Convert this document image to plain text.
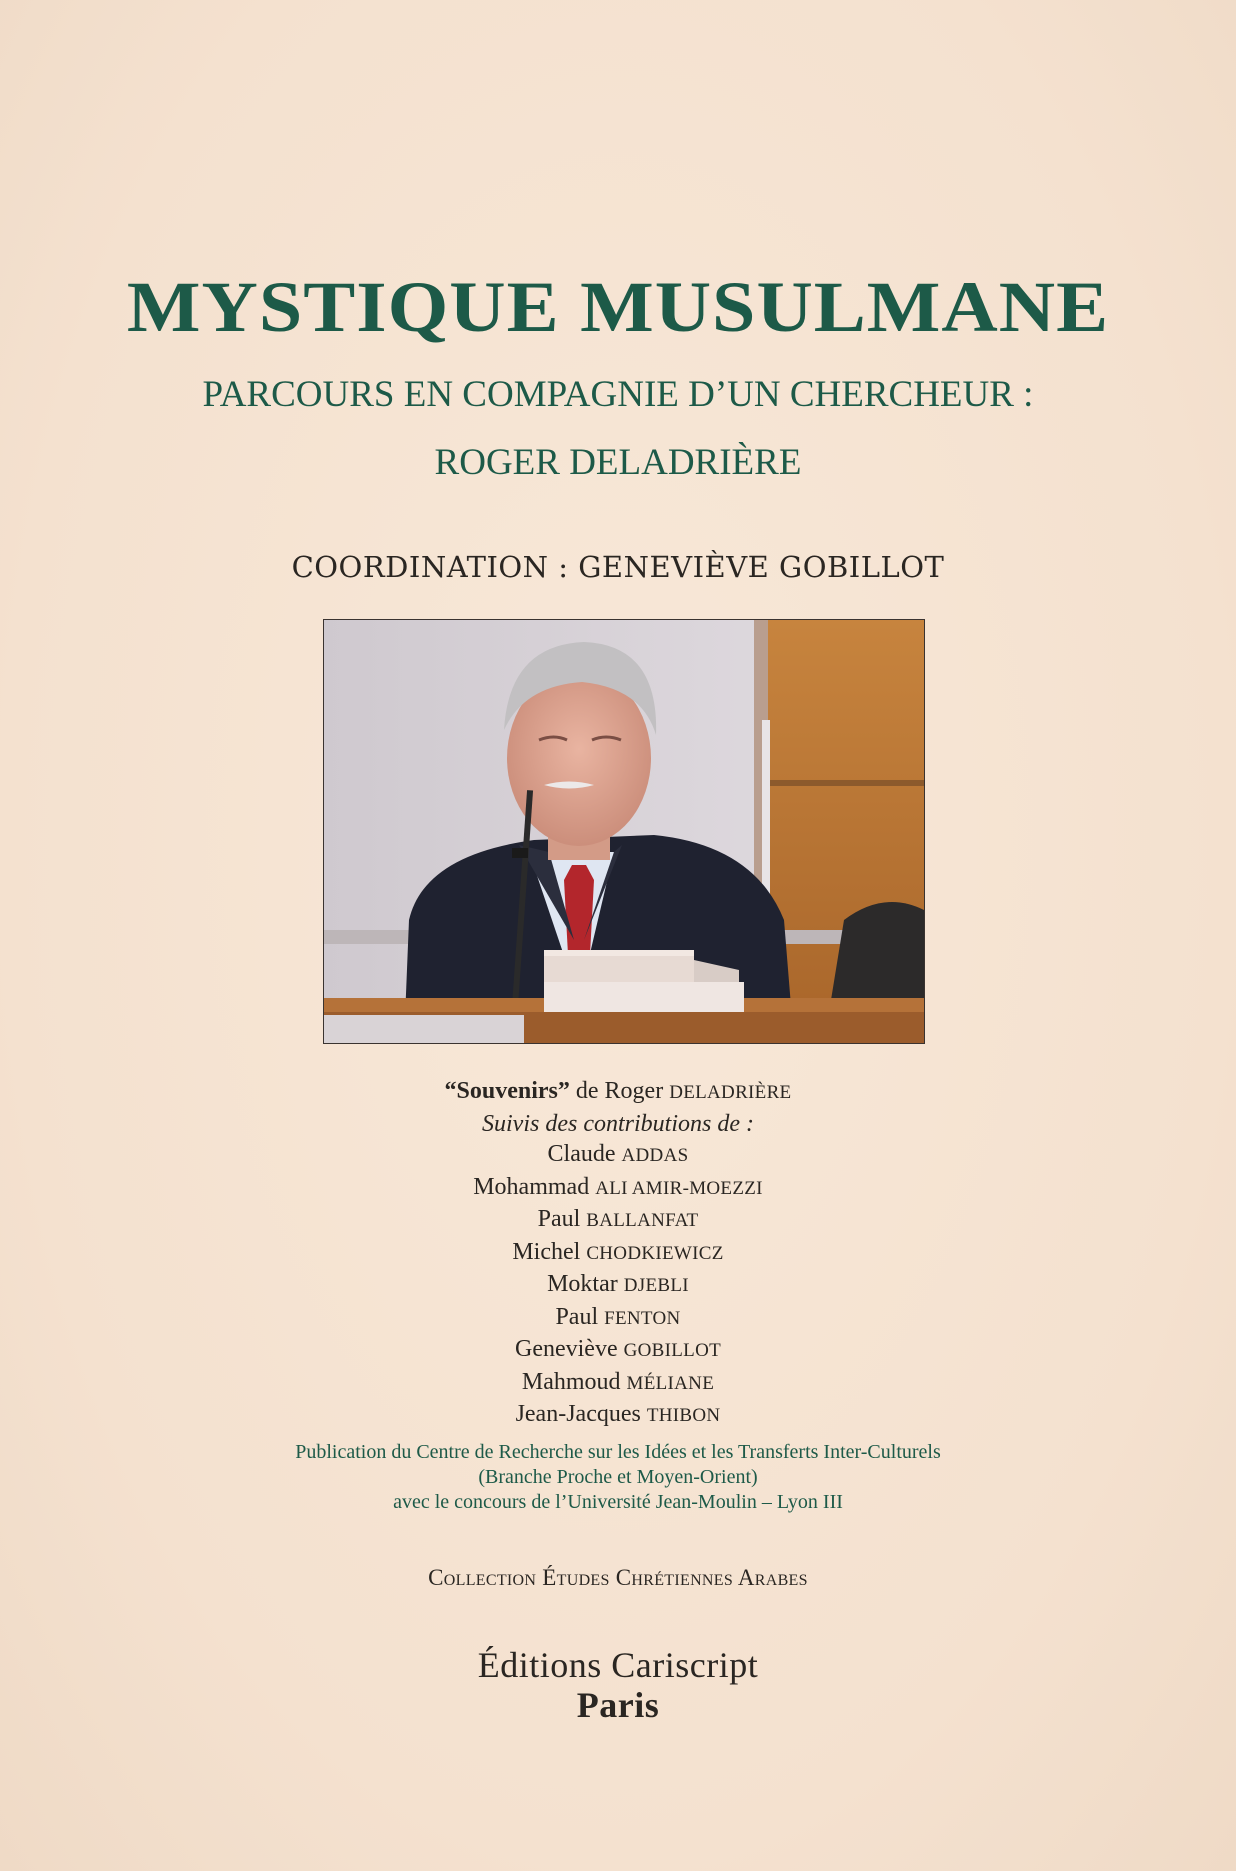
MYSTIQUE MUSULMANE
PARCOURS EN COMPAGNIE D’UN CHERCHEUR :
ROGER DELADRIÈRE
COORDINATION : GENEVIÈVE GOBILLOT
“Souvenirs” de Roger DELADRIÈRE
Suivis des contributions de :
Claude ADDAS
Mohammad ALI AMIR-MOEZZI
Paul BALLANFAT
Michel CHODKIEWICZ
Moktar DJEBLI
Paul FENTON
Geneviève GOBILLOT
Mahmoud MÉLIANE
Jean-Jacques THIBON
Publication du Centre de Recherche sur les Idées et les Transferts Inter-Culturels
(Branche Proche et Moyen-Orient)
avec le concours de l’Université Jean-Moulin – Lyon III
Collection Études Chrétiennes Arabes
Éditions Cariscript
Paris
